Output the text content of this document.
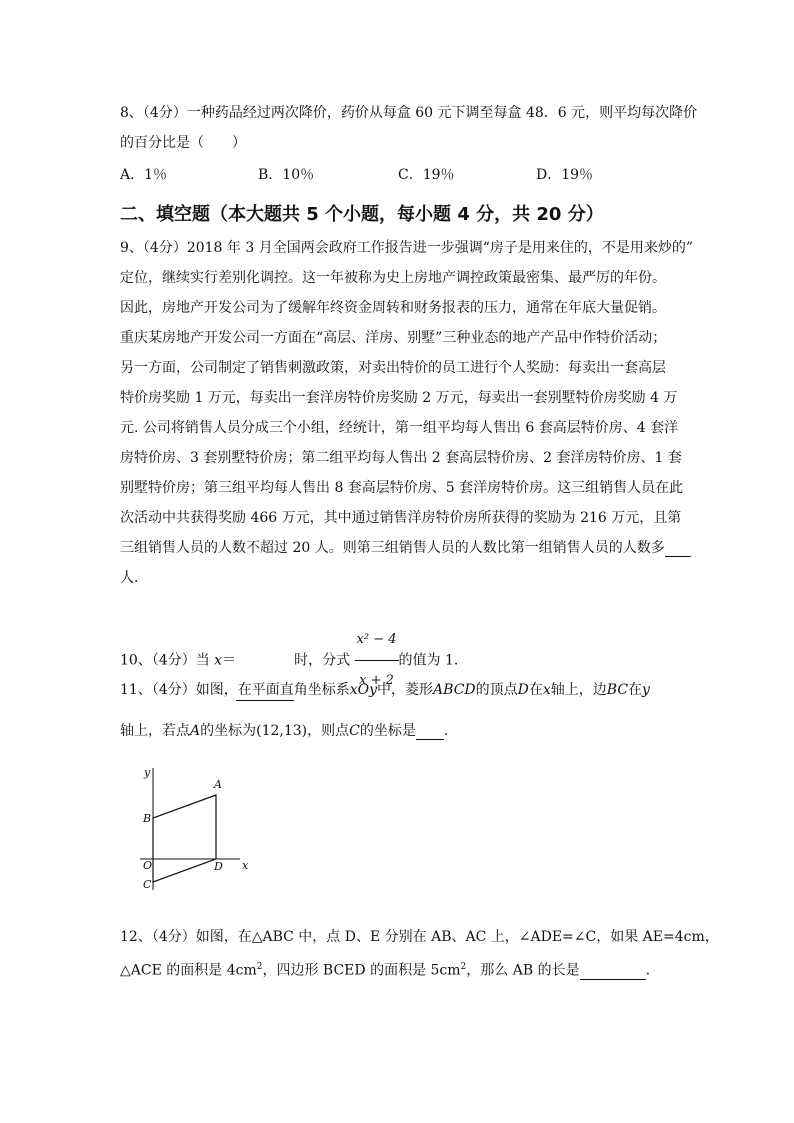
8、（4分）一种药品经过两次降价，药价从每盒 60 元下调至每盒 48．6 元，则平均每次降价
的百分比是（　　）
A．1％	B．10％	C．19％	D．19％
二、填空题（本大题共 5 个小题，每小题 4 分，共 20 分）
9、（4分）2018 年 3 月全国两会政府工作报告进一步强调“房子是用来住的，不是用来炒的”
定位，继续实行差别化调控。这一年被称为史上房地产调控政策最密集、最严厉的年份。
因此，房地产开发公司为了缓解年终资金周转和财务报表的压力，通常在年底大量促销。
重庆某房地产开发公司一方面在“高层、洋房、别墅”三种业态的地产产品中作特价活动；
另一方面，公司制定了销售刺激政策，对卖出特价的员工进行个人奖励：每卖出一套高层
特价房奖励 1 万元，每卖出一套洋房特价房奖励 2 万元，每卖出一套别墅特价房奖励 4 万
元. 公司将销售人员分成三个小组，经统计，第一组平均每人售出 6 套高层特价房、4 套洋
房特价房、3 套别墅特价房；第二组平均每人售出 2 套高层特价房、2 套洋房特价房、1 套
别墅特价房；第三组平均每人售出 8 套高层特价房、5 套洋房特价房。这三组销售人员在此
次活动中共获得奖励 466 万元，其中通过销售洋房特价房所获得的奖励为 216 万元，且第
三组销售人员的人数不超过 20 人。则第三组销售人员的人数比第一组销售人员的人数多
人.
10、（4分）当 x＝	时，分式 $\frac{\text{x² − 4}}{x + 2}$ 的值为 1．
11、（4分）如图，在平面直角坐标系xOy中，菱形ABCD的顶点D在x轴上，边BC在y
轴上，若点A的坐标为(12,13)，则点C的坐标是 .
y
A
B
O	D x
C
12、（4分）如图，在△ABC 中，点 D、E 分别在 AB、AC 上，∠ADE=∠C，如果 AE=4cm，
△ACE 的面积是 $4cm^2$，四边形 BCED 的面积是 $5cm^2$，那么 AB 的长是	.
